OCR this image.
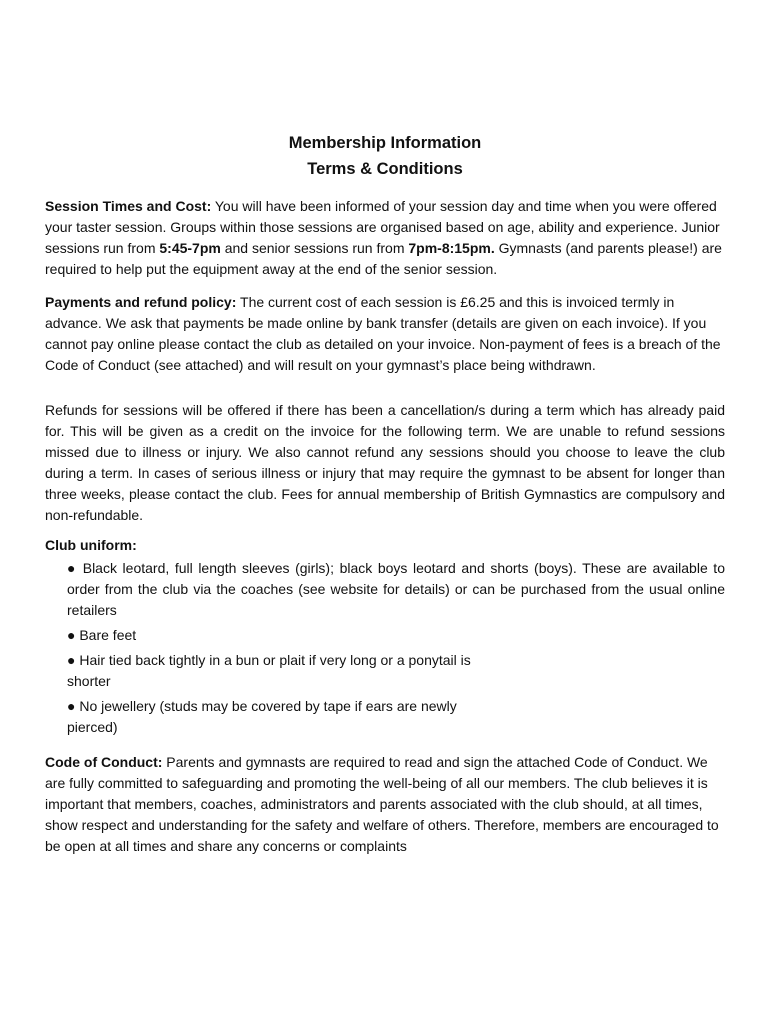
Membership Information

Terms & Conditions

Session Times and Cost: You will have been informed of your session day and time when you were offered your taster session. Groups within those sessions are organised based on age, ability and experience. Junior sessions run from 5:45-7pm and senior sessions run from 7pm-8:15pm. Gymnasts (and parents please!) are required to help put the equipment away at the end of the senior session.

Payments and refund policy: The current cost of each session is £6.25 and this is invoiced termly in advance. We ask that payments be made online by bank transfer (details are given on each invoice). If you cannot pay online please contact the club as detailed on your invoice. Non-payment of fees is a breach of the Code of Conduct (see attached) and will result on your gymnast’s place being withdrawn.

Refunds for sessions will be offered if there has been a cancellation/s during a term which has already paid for. This will be given as a credit on the invoice for the following term. We are unable to refund sessions missed due to illness or injury. We also cannot refund any sessions should you choose to leave the club during a term. In cases of serious illness or injury that may require the gymnast to be absent for longer than three weeks, please contact the club. Fees for annual membership of British Gymnastics are compulsory and non-refundable.

Club uniform:
● Black leotard, full length sleeves (girls); black boys leotard and shorts (boys). These are available to order from the club via the coaches (see website for details) or can be purchased from the usual online retailers
● Bare feet
● Hair tied back tightly in a bun or plait if very long or a ponytail is shorter
● No jewellery (studs may be covered by tape if ears are newly pierced)

Code of Conduct: Parents and gymnasts are required to read and sign the attached Code of Conduct. We are fully committed to safeguarding and promoting the well-being of all our members. The club believes it is important that members, coaches, administrators and parents associated with the club should, at all times, show respect and understanding for the safety and welfare of others. Therefore, members are encouraged to be open at all times and share any concerns or complaints
